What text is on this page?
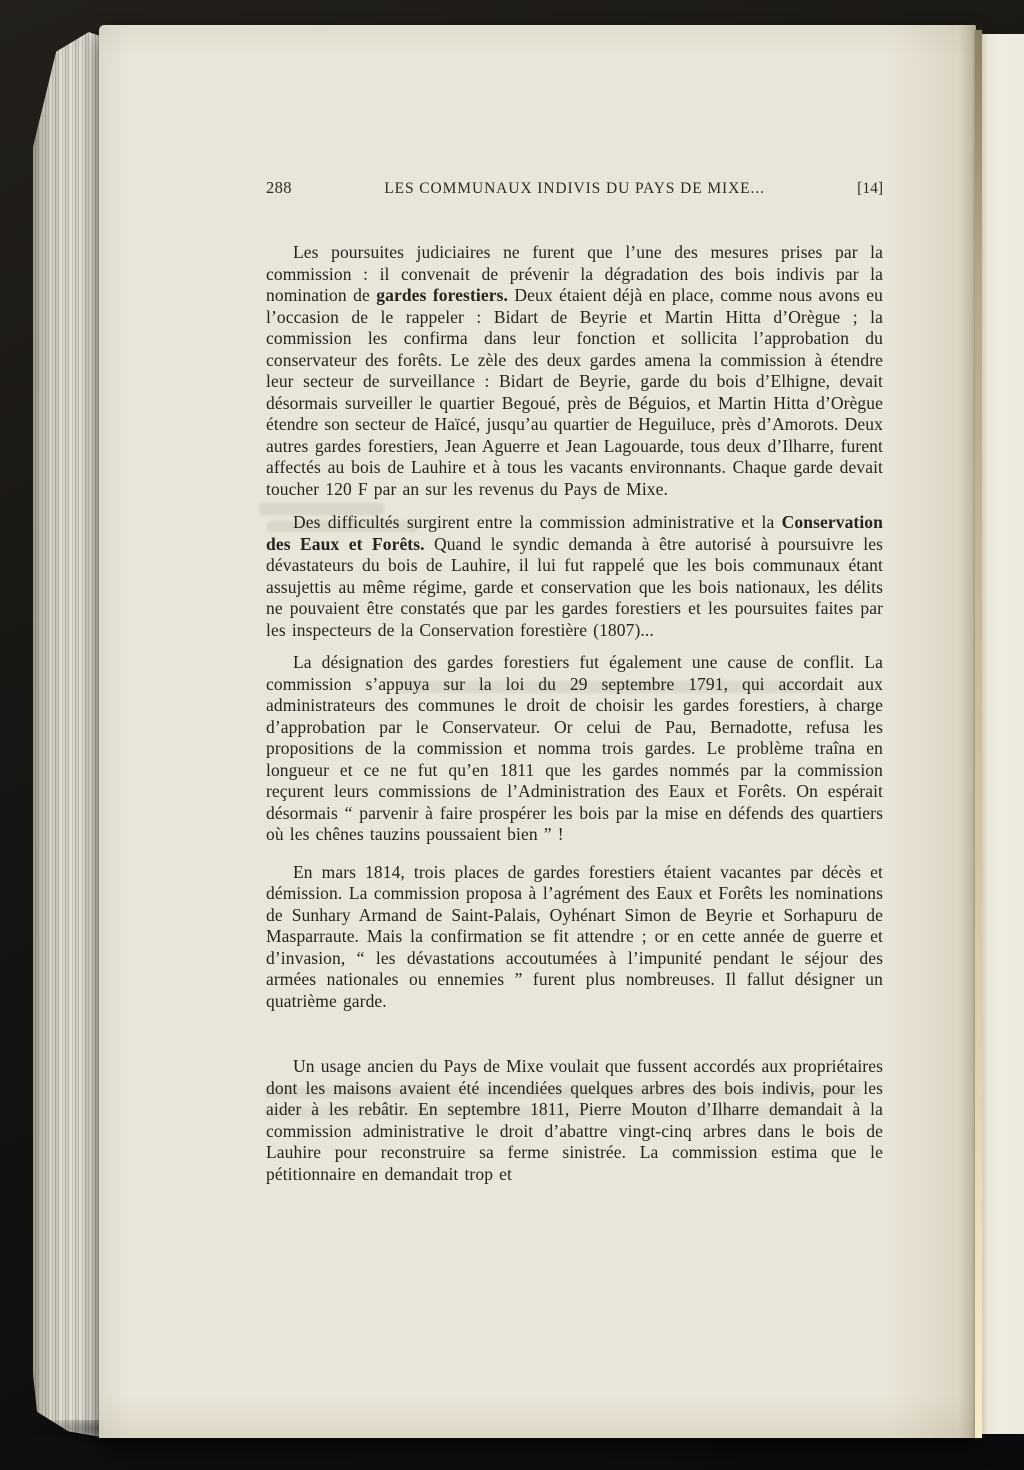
288	LES COMMUNAUX INDIVIS DU PAYS DE MIXE...	[14]

Les poursuites judiciaires ne furent que l’une des mesures prises par la commission : il convenait de prévenir la dégradation des bois indivis par la nomination de gardes forestiers. Deux étaient déjà en place, comme nous avons eu l’occasion de le rappeler : Bidart de Beyrie et Martin Hitta d’Orègue ; la commission les confirma dans leur fonction et sollicita l’approbation du conservateur des forêts. Le zèle des deux gardes amena la commission à étendre leur secteur de surveillance : Bidart de Beyrie, garde du bois d’Elhigne, devait désormais surveiller le quartier Begoué, près de Béguios, et Martin Hitta d’Orègue étendre son secteur de Haïcé, jusqu’au quartier de Heguiluce, près d’Amorots. Deux autres gardes forestiers, Jean Aguerre et Jean Lagouarde, tous deux d’Ilharre, furent affectés au bois de Lauhire et à tous les vacants environnants. Chaque garde devait toucher 120 F par an sur les revenus du Pays de Mixe.

Des difficultés surgirent entre la commission administrative et la Conservation des Eaux et Forêts. Quand le syndic demanda à être autorisé à poursuivre les dévastateurs du bois de Lauhire, il lui fut rappelé que les bois communaux étant assujettis au même régime, garde et conservation que les bois nationaux, les délits ne pouvaient être constatés que par les gardes forestiers et les poursuites faites par les inspecteurs de la Conservation forestière (1807)...

La désignation des gardes forestiers fut également une cause de conflit. La commission s’appuya sur la loi du 29 septembre 1791, qui accordait aux administrateurs des communes le droit de choisir les gardes forestiers, à charge d’approbation par le Conservateur. Or celui de Pau, Bernadotte, refusa les propositions de la commission et nomma trois gardes. Le problème traîna en longueur et ce ne fut qu’en 1811 que les gardes nommés par la commission reçurent leurs commissions de l’Administration des Eaux et Forêts. On espérait désormais “ parvenir à faire prospérer les bois par la mise en défends des quartiers où les chênes tauzins poussaient bien ” !

En mars 1814, trois places de gardes forestiers étaient vacantes par décès et démission. La commission proposa à l’agrément des Eaux et Forêts les nominations de Sunhary Armand de Saint-Palais, Oyhénart Simon de Beyrie et Sorhapuru de Masparraute. Mais la confirmation se fit attendre ; or en cette année de guerre et d’invasion, “ les dévastations accoutumées à l’impunité pendant le séjour des armées nationales ou ennemies ” furent plus nombreuses. Il fallut désigner un quatrième garde.

Un usage ancien du Pays de Mixe voulait que fussent accordés aux propriétaires dont les maisons avaient été incendiées quelques arbres des bois indivis, pour les aider à les rebâtir. En septembre 1811, Pierre Mouton d’Ilharre demandait à la commission administrative le droit d’abattre vingt-cinq arbres dans le bois de Lauhire pour reconstruire sa ferme sinistrée. La commission estima que le pétitionnaire en demandait trop et
